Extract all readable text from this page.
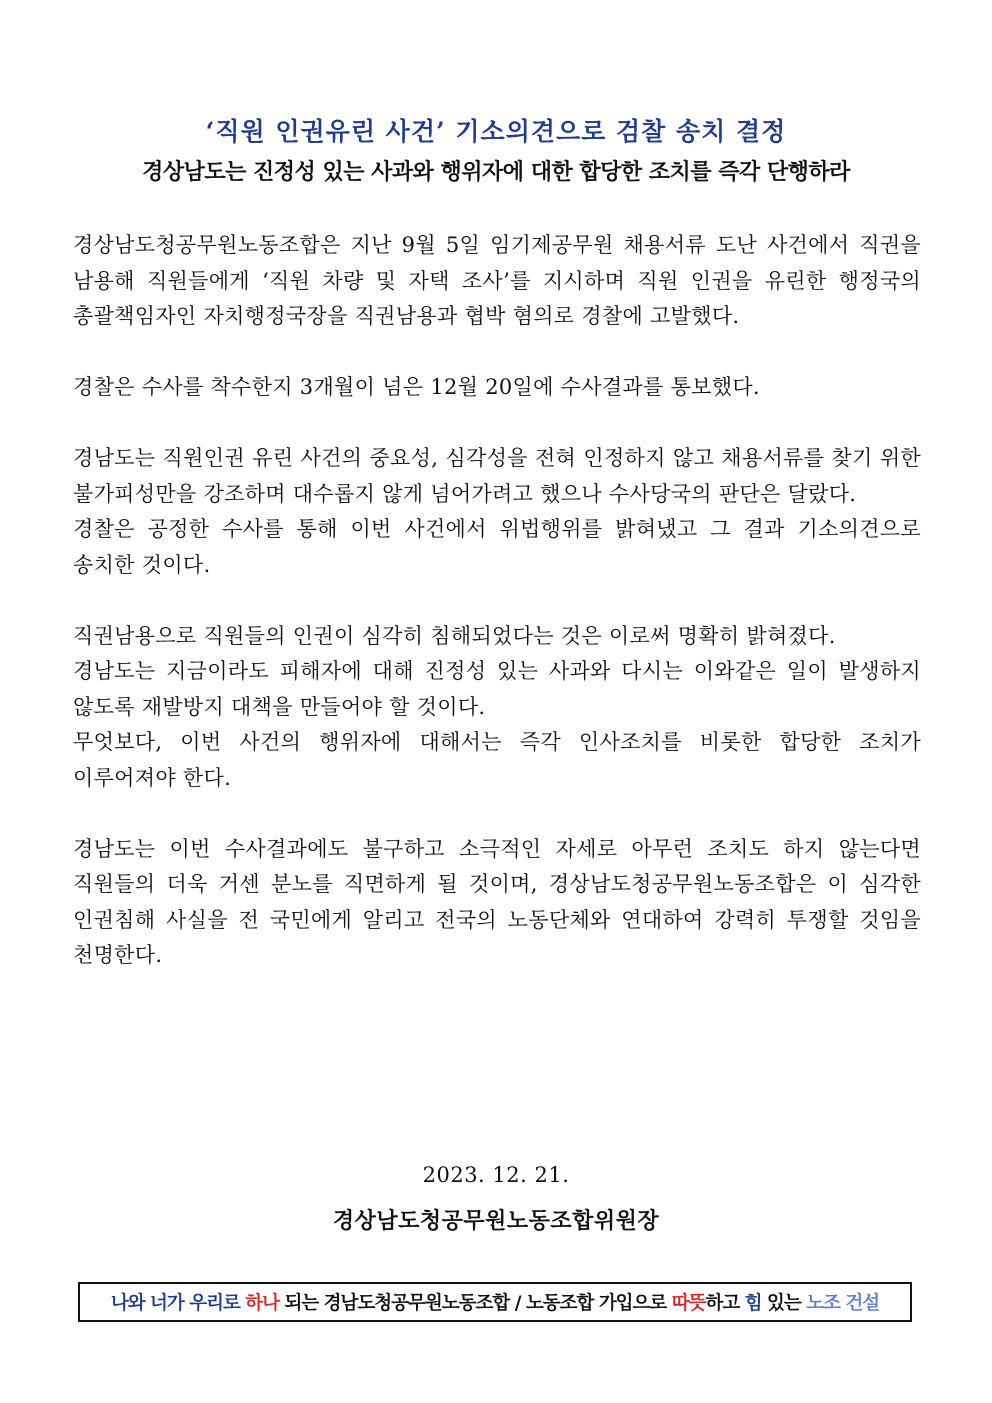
‘직원 인권유린 사건’ 기소의견으로 검찰 송치 결정
경상남도는 진정성 있는 사과와 행위자에 대한 합당한 조치를 즉각 단행하라

경상남도청공무원노동조합은 지난 9월 5일 임기제공무원 채용서류 도난 사건에서 직권을 남용해 직원들에게 ‘직원 차량 및 자택 조사’를 지시하며 직원 인권을 유린한 행정국의 총괄책임자인 자치행정국장을 직권남용과 협박 혐의로 경찰에 고발했다.

경찰은 수사를 착수한지 3개월이 넘은 12월 20일에 수사결과를 통보했다.

경남도는 직원인권 유린 사건의 중요성, 심각성을 전혀 인정하지 않고 채용서류를 찾기 위한 불가피성만을 강조하며 대수롭지 않게 넘어가려고 했으나 수사당국의 판단은 달랐다.

경찰은 공정한 수사를 통해 이번 사건에서 위법행위를 밝혀냈고 그 결과 기소의견으로 송치한 것이다.

직권남용으로 직원들의 인권이 심각히 침해되었다는 것은 이로써 명확히 밝혀졌다.

경남도는 지금이라도 피해자에 대해 진정성 있는 사과와 다시는 이와같은 일이 발생하지 않도록 재발방지 대책을 만들어야 할 것이다.

무엇보다, 이번 사건의 행위자에 대해서는 즉각 인사조치를 비롯한 합당한 조치가 이루어져야 한다.

경남도는 이번 수사결과에도 불구하고 소극적인 자세로 아무런 조치도 하지 않는다면 직원들의 더욱 거센 분노를 직면하게 될 것이며, 경상남도청공무원노동조합은 이 심각한 인권침해 사실을 전 국민에게 알리고 전국의 노동단체와 연대하여 강력히 투쟁할 것임을 천명한다.

2023. 12. 21.
경상남도청공무원노동조합위원장
나와 너가 우리로 하나 되는 경남도청공무원노동조합 / 노동조합 가입으로 따뜻 하고 힘 있는 노조 건설
